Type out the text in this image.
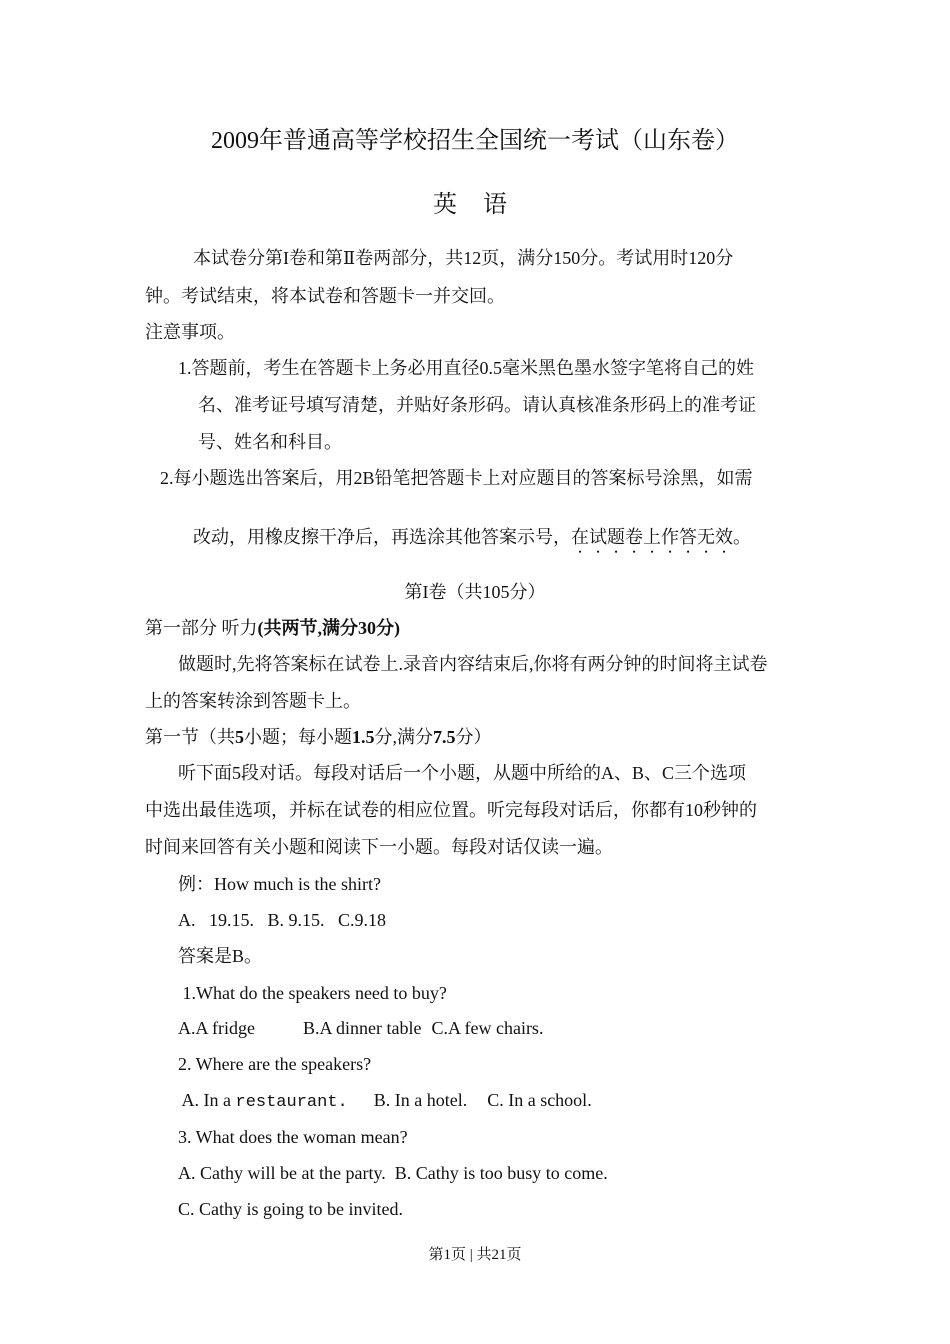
2009年普通高等学校招生全国统一考试（山东卷）
英 语
本试卷分第I卷和第Ⅱ卷两部分，共12页，满分150分。考试用时120分
钟。考试结束，将本试卷和答题卡一并交回。
注意事项。
1.答题前，考生在答题卡上务必用直径0.5毫米黑色墨水签字笔将自己的姓
名、准考证号填写清楚，并贴好条形码。请认真核准条形码上的准考证
号、姓名和科目。
2.每小题选出答案后，用2B铅笔把答题卡上对应题目的答案标号涂黑，如需
改动，用橡皮擦干净后，再选涂其他答案示号，在试题卷上作答无效。
第I卷（共105分）
第一部分 听力(共两节,满分30分)
做题时,先将答案标在试卷上.录音内容结束后,你将有两分钟的时间将主试卷
上的答案转涂到答题卡上。
第一节（共5小题；每小题1.5分,满分7.5分）
听下面5段对话。每段对话后一个小题，从题中所给的A、B、C三个选项
中选出最佳选项，并标在试卷的相应位置。听完每段对话后，你都有10秒钟的
时间来回答有关小题和阅读下一小题。每段对话仅读一遍。
例：How much is the shirt?
A.   19.15.   B. 9.15.   C.9.18
答案是B。
1.What do the speakers need to buy?
A.A fridge	B.A dinner table C.A few chairs.
2. Where are the speakers?
A. In a restaurant. B. In a hotel. C. In a school.
3. What does the woman mean?
A. Cathy will be at the party.  B. Cathy is too busy to come.
C. Cathy is going to be invited.
第1页 | 共21页
